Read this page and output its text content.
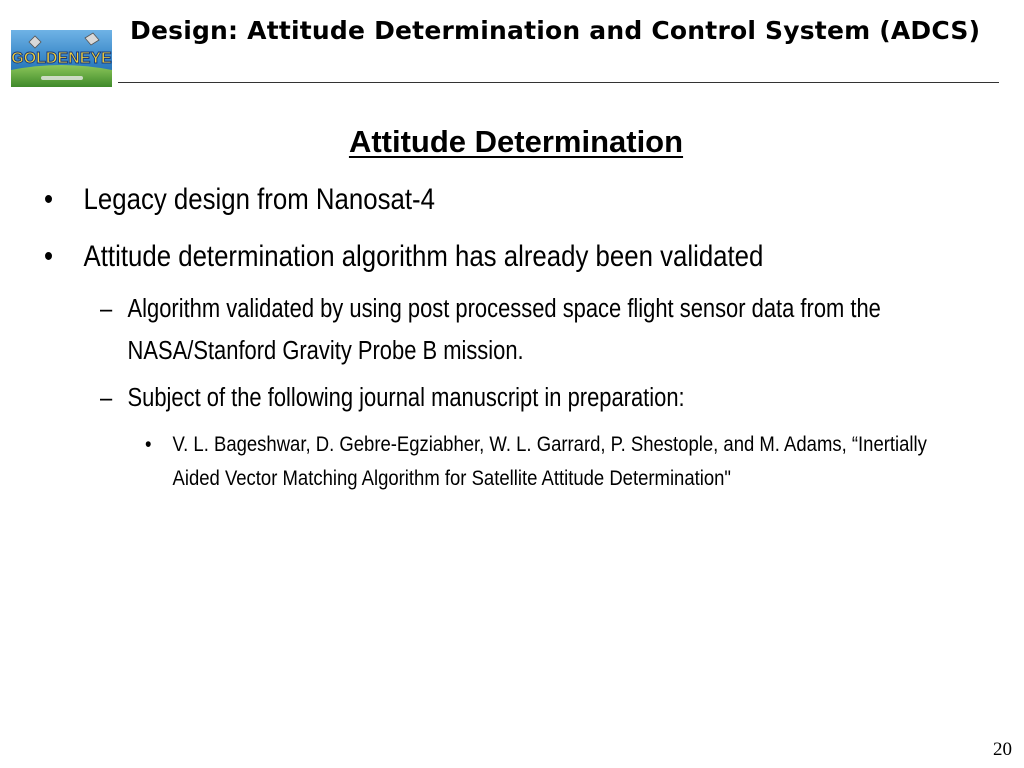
GOLDENEYE
Design: Attitude Determination and Control System (ADCS)
Attitude Determination
• Legacy design from Nanosat-4
• Attitude determination algorithm has already been validated
– Algorithm validated by using post processed space flight sensor data from the NASA/Stanford Gravity Probe B mission.
– Subject of the following journal manuscript in preparation:
• V. L. Bageshwar, D. Gebre-Egziabher, W. L. Garrard, P. Shestople, and M. Adams, “Inertially Aided Vector Matching Algorithm for Satellite Attitude Determination"
20
